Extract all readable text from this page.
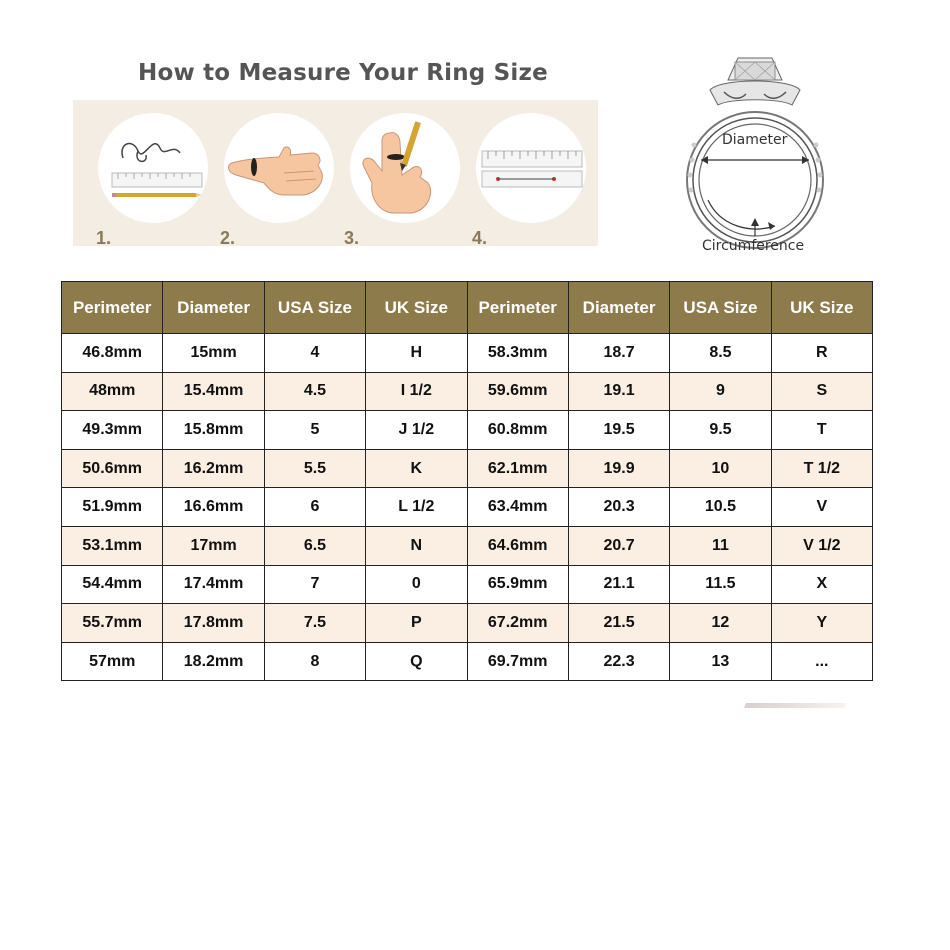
How to Measure Your Ring Size
1.	2.	3.	4.
Diameter
Circumference
Perimeter	Diameter	USA Size	UK Size	Perimeter	Diameter	USA Size	UK Size
46.8mm	15mm	4	H	58.3mm	18.7	8.5	R
48mm	15.4mm	4.5	I 1/2	59.6mm	19.1	9	S
49.3mm	15.8mm	5	J 1/2	60.8mm	19.5	9.5	T
50.6mm	16.2mm	5.5	K	62.1mm	19.9	10	T 1/2
51.9mm	16.6mm	6	L 1/2	63.4mm	20.3	10.5	V
53.1mm	17mm	6.5	N	64.6mm	20.7	11	V 1/2
54.4mm	17.4mm	7	0	65.9mm	21.1	11.5	X
55.7mm	17.8mm	7.5	P	67.2mm	21.5	12	Y
57mm	18.2mm	8	Q	69.7mm	22.3	13	...
